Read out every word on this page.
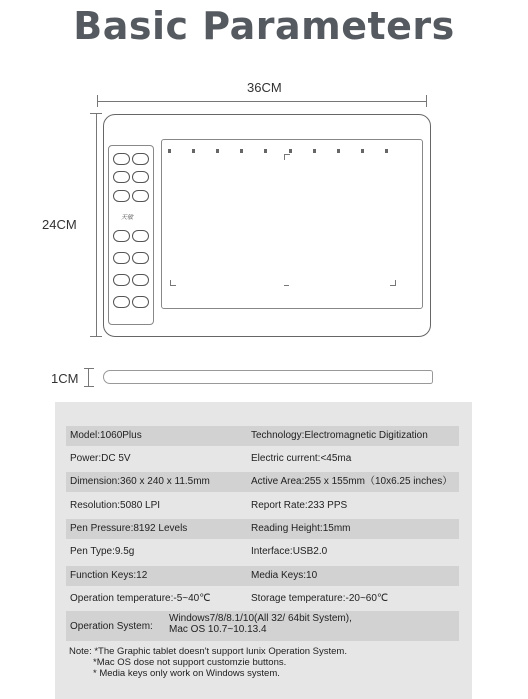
Basic Parameters
36CM
24CM	天敏
1CM
Model:1060Plus	Technology:Electromagnetic Digitization
Power:DC 5V	Electric current:<45ma
Dimension:360 x 240 x 11.5mm	Active Area:255 x 155mm（10x6.25 inches）
Resolution:5080 LPI	Report Rate:233 PPS
Pen Pressure:8192 Levels	Reading Height:15mm
Pen Type:9.5g	Interface:USB2.0
Function Keys:12	Media Keys:10
Operation temperature:-5~40℃	Storage temperature:-20~60℃
Operation System:
Windows7/8/8.1/10(All 32/ 64bit System),
Mac OS 10.7~10.13.4
Note: *The Graphic tablet doesn't support lunix Operation System.
*Mac OS dose not support customzie buttons.
* Media keys only work on Windows system.
